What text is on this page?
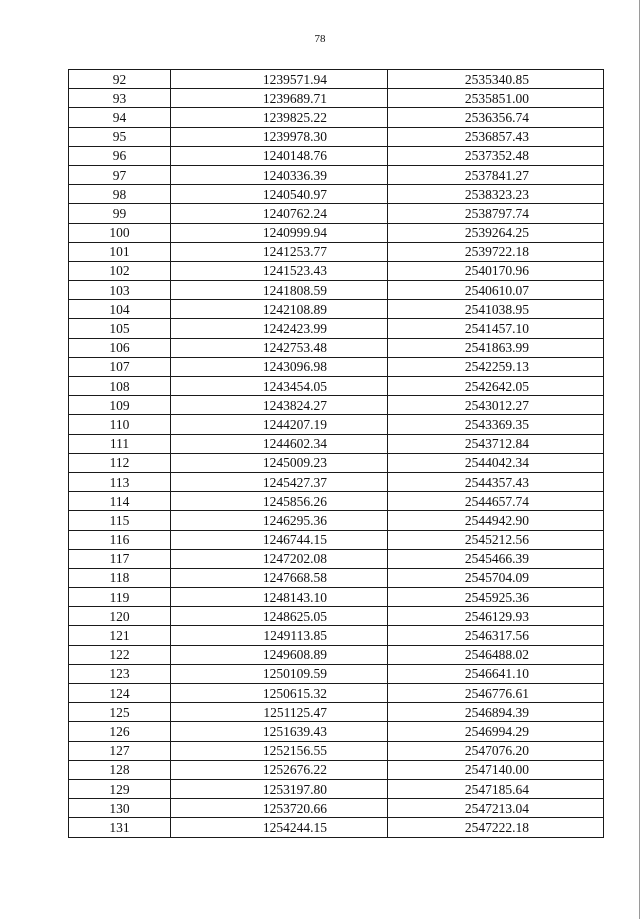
78
92	1239571.94	2535340.85
93	1239689.71	2535851.00
94	1239825.22	2536356.74
95	1239978.30	2536857.43
96	1240148.76	2537352.48
97	1240336.39	2537841.27
98	1240540.97	2538323.23
99	1240762.24	2538797.74
100	1240999.94	2539264.25
101	1241253.77	2539722.18
102	1241523.43	2540170.96
103	1241808.59	2540610.07
104	1242108.89	2541038.95
105	1242423.99	2541457.10
106	1242753.48	2541863.99
107	1243096.98	2542259.13
108	1243454.05	2542642.05
109	1243824.27	2543012.27
110	1244207.19	2543369.35
111	1244602.34	2543712.84
112	1245009.23	2544042.34
113	1245427.37	2544357.43
114	1245856.26	2544657.74
115	1246295.36	2544942.90
116	1246744.15	2545212.56
117	1247202.08	2545466.39
118	1247668.58	2545704.09
119	1248143.10	2545925.36
120	1248625.05	2546129.93
121	1249113.85	2546317.56
122	1249608.89	2546488.02
123	1250109.59	2546641.10
124	1250615.32	2546776.61
125	1251125.47	2546894.39
126	1251639.43	2546994.29
127	1252156.55	2547076.20
128	1252676.22	2547140.00
129	1253197.80	2547185.64
130	1253720.66	2547213.04
131	1254244.15	2547222.18
